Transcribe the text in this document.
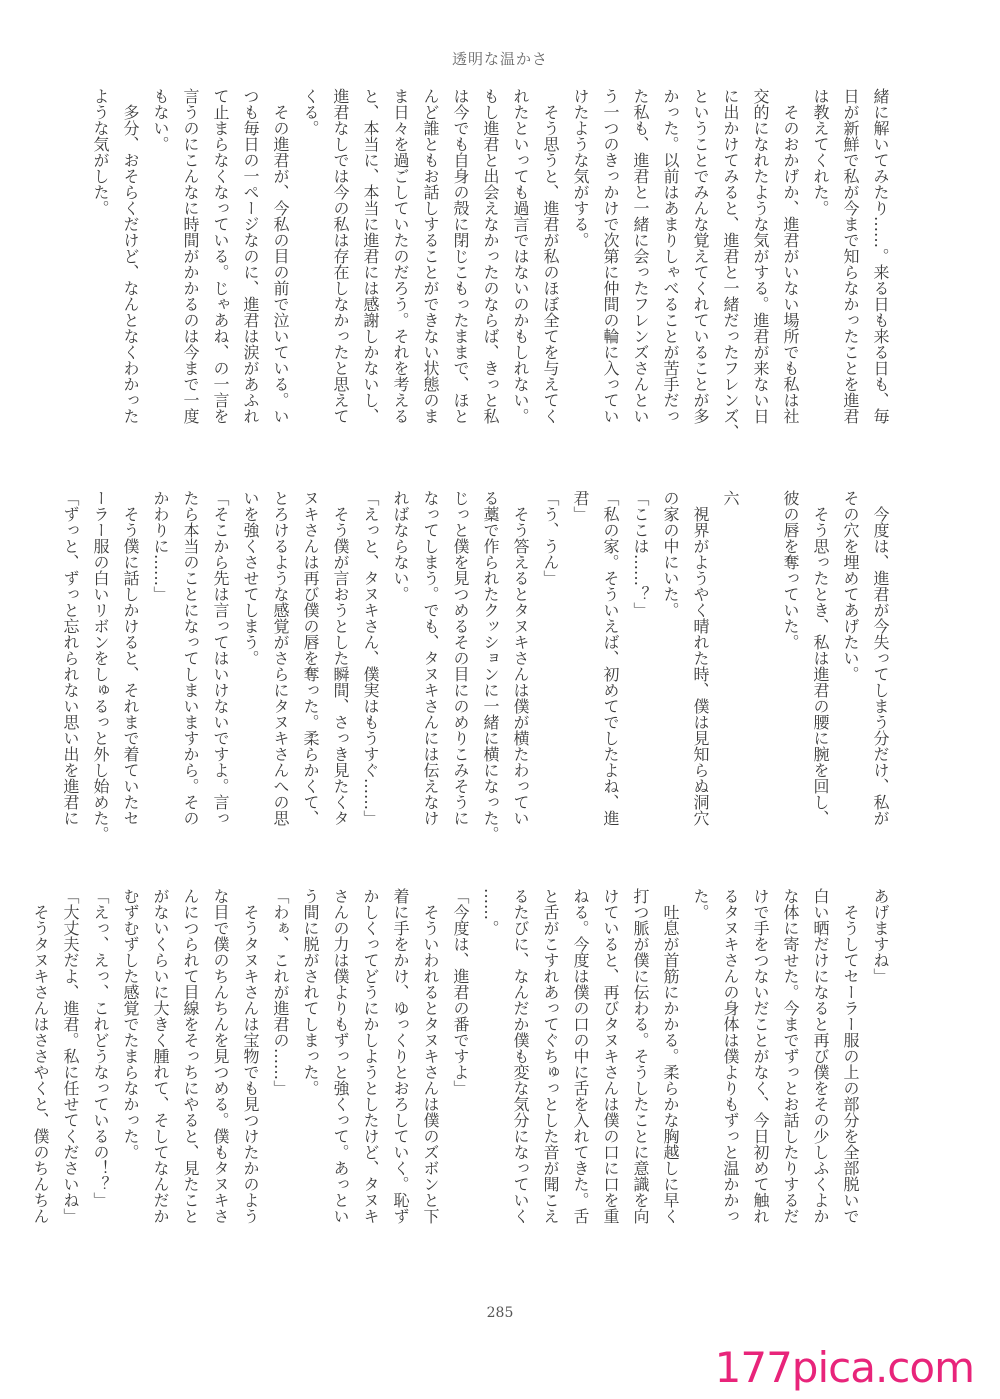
透明な温かさ

緒に解いてみたり……。来る日も来る日も、毎
日が新鮮で私が今まで知らなかったことを進君
は教えてくれた。
　そのおかげか、進君がいない場所でも私は社
交的になれたような気がする。進君が来ない日
に出かけてみると、進君と一緒だったフレンズ、
ということでみんな覚えてくれていることが多
かった。以前はあまりしゃべることが苦手だっ
た私も、進君と一緒に会ったフレンズさんとい
う一つのきっかけで次第に仲間の輪に入ってい
けたような気がする。
　そう思うと、進君が私のほぼ全てを与えてく
れたといっても過言ではないのかもしれない。
もし進君と出会えなかったのならば、きっと私
は今でも自身の殻に閉じこもったままで、ほと
んど誰ともお話しすることができない状態のま
ま日々を過ごしていたのだろう。それを考える
と、本当に、本当に進君には感謝しかないし、
進君なしでは今の私は存在しなかったと思えて
くる。
　その進君が、今私の目の前で泣いている。い
つも毎日の一ページなのに、進君は涙があふれ
て止まらなくなっている。じゃあね、の一言を
言うのにこんなに時間がかかるのは今まで一度
もない。
　多分、おそらくだけど、なんとなくわかった
ような気がした。

　今度は、進君が今失ってしまう分だけ、私が
その穴を埋めてあげたい。
　そう思ったとき、私は進君の腰に腕を回し、
彼の唇を奪っていた。

六
　視界がようやく晴れた時、僕は見知らぬ洞穴
の家の中にいた。
「ここは……？」
「私の家。そういえば、初めてでしたよね、進
君」
「う、うん」
　そう答えるとタヌキさんは僕が横たわってい
る藁で作られたクッションに一緒に横になった。
じっと僕を見つめるその目にのめりこみそうに
なってしまう。でも、タヌキさんには伝えなけ
ればならない。
「えっと、タヌキさん、僕実はもうすぐ……」
　そう僕が言おうとした瞬間、さっき見たくタ
ヌキさんは再び僕の唇を奪った。柔らかくて、
とろけるような感覚がさらにタヌキさんへの思
いを強くさせてしまう。
「そこから先は言ってはいけないですよ。言っ
たら本当のことになってしまいますから。その
かわりに……」
　そう僕に話しかけると、それまで着ていたセ
ーラー服の白いリボンをしゅるっと外し始めた。
「ずっと、ずっと忘れられない思い出を進君に

あげますね」
　そうしてセーラー服の上の部分を全部脱いで
白い晒だけになると再び僕をその少しふくよか
な体に寄せた。今までずっとお話したりするだ
けで手をつないだことがなく、今日初めて触れ
るタヌキさんの身体は僕よりもずっと温かかっ
た。
　吐息が首筋にかかる。柔らかな胸越しに早く
打つ脈が僕に伝わる。そうしたことに意識を向
けていると、再びタヌキさんは僕の口に口を重
ねる。今度は僕の口の中に舌を入れてきた。舌
と舌がこすれあってぐちゅっとした音が聞こえ
るたびに、なんだか僕も変な気分になっていく
……。
「今度は、進君の番ですよ」
　そういわれるとタヌキさんは僕のズボンと下
着に手をかけ、ゆっくりとおろしていく。恥ず
かしくってどうにかしようとしたけど、タヌキ
さんの力は僕よりもずっと強くって。あっとい
う間に脱がされてしまった。
「わぁ、これが進君の……」
　そうタヌキさんは宝物でも見つけたかのよう
な目で僕のちんちんを見つめる。僕もタヌキさ
んにつられて目線をそっちにやると、見たこと
がないくらいに大きく腫れて、そしてなんだか
むずむずした感覚でたまらなかった。
「えっ、えっ、これどうなっているの！？」
「大丈夫だよ、進君。私に任せてくださいね」
　そうタヌキさんはささやくと、僕のちんちん

285
177pica.com
